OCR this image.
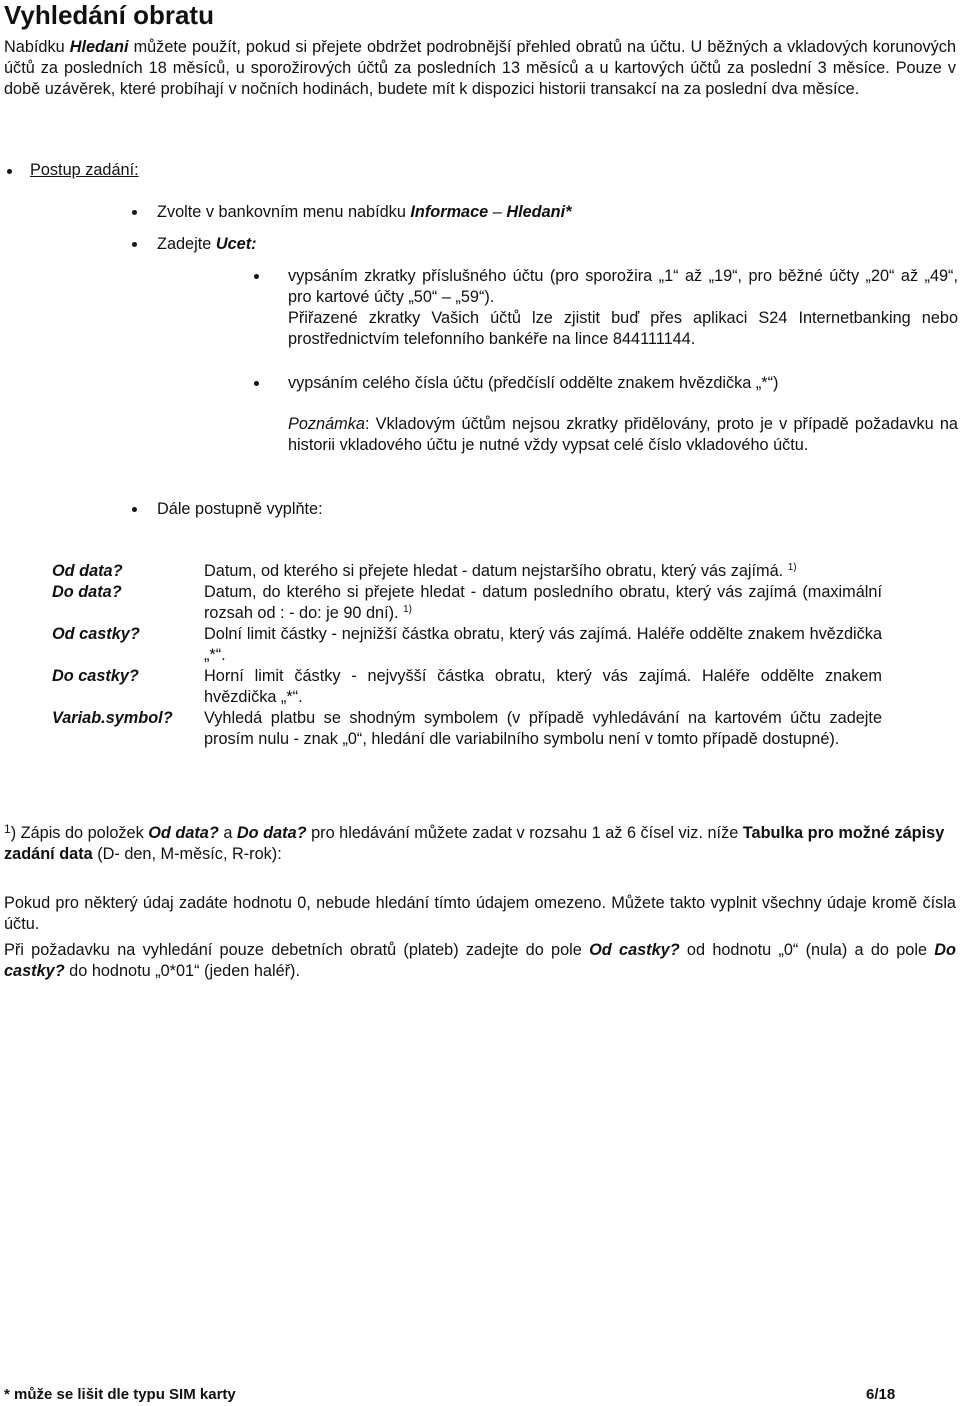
Vyhledání obratu

Nabídku Hledani můžete použít, pokud si přejete obdržet podrobnější přehled obratů na účtu. U běžných a vkladových korunových účtů za posledních 18 měsíců, u sporožirových účtů za posledních 13 měsíců a u kartových účtů za poslední 3 měsíce. Pouze v době uzávěrek, které probíhají v nočních hodinách, budete mít k dispozici historii transakcí na za poslední dva měsíce.

Postup zadání:
Zvolte v bankovním menu nabídku Informace – Hledani*
Zadejte Ucet:
vypsáním zkratky příslušného účtu (pro sporožira „1“ až „19“, pro běžné účty „20“ až „49“, pro kartové účty „50“ – „59“).
Přiřazené zkratky Vašich účtů lze zjistit buď přes aplikaci S24 Internetbanking nebo prostřednictvím telefonního bankéře na lince 844111144.
vypsáním celého čísla účtu (předčíslí oddělte znakem hvězdička „*“)
Poznámka: Vkladovým účtům nejsou zkratky přidělovány, proto je v případě požadavku na historii vkladového účtu je nutné vždy vypsat celé číslo vkladového účtu.
Dále postupně vyplňte:
Od data?	Datum, od kterého si přejete hledat - datum nejstaršího obratu, který vás zajímá. $^{1)}$
Do data?	Datum, do kterého si přejete hledat - datum posledního obratu, který vás zajímá (maximální rozsah od : - do: je 90 dní). $^{1)}$
Od castky?	Dolní limit částky - nejnižší částka obratu, který vás zajímá. Haléře oddělte znakem hvězdička „*“.
Do castky?	Horní limit částky - nejvyšší částka obratu, který vás zajímá. Haléře oddělte znakem hvězdička „*“.
Variab.symbol?	Vyhledá platbu se shodným symbolem (v případě vyhledávání na kartovém účtu zadejte prosím nulu - znak „0“, hledání dle variabilního symbolu není v tomto případě dostupné).
$^1$) Zápis do položek Od data? a Do data? pro hledávání můžete zadat v rozsahu 1 až 6 čísel viz. níže Tabulka pro možné zápisy zadání data (D- den, M-měsíc, R-rok):
Pokud pro některý údaj zadáte hodnotu 0, nebude hledání tímto údajem omezeno. Můžete takto vyplnit všechny údaje kromě čísla účtu.
Při požadavku na vyhledání pouze debetních obratů (plateb) zadejte do pole Od castky? od hodnotu „0“ (nula) a do pole Do castky? do hodnotu „0*01“ (jeden haléř).
* může se lišit dle typu SIM karty	6/18
